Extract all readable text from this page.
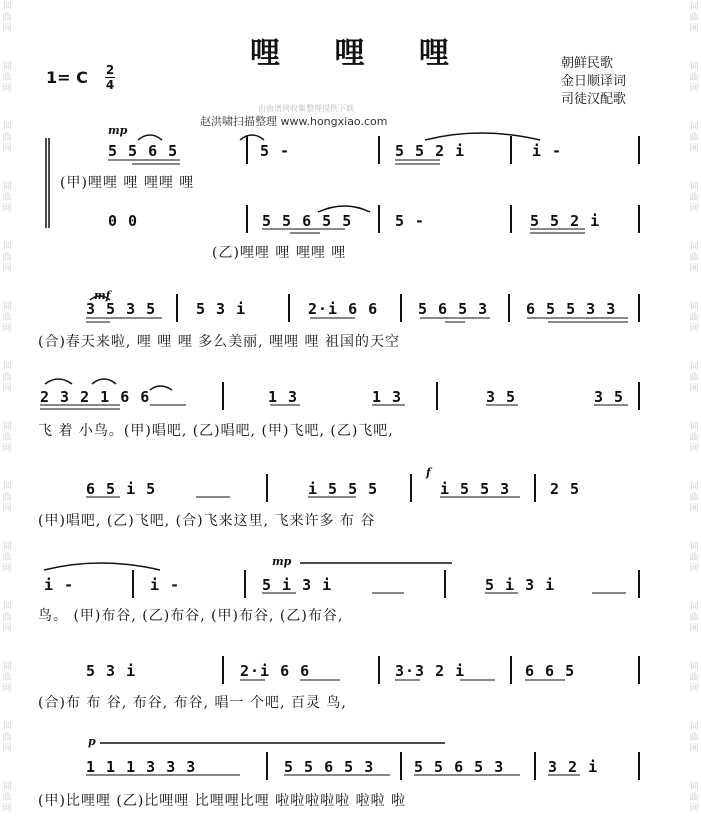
词曲网
词曲网
词曲网
词曲网
词曲网
词曲网
词曲网
词曲网
词曲网
词曲网
词曲网
词曲网
词曲网
词曲网
词曲网
词曲网
词曲网
词曲网
词曲网
词曲网
词曲网
词曲网
词曲网
词曲网
词曲网
词曲网
词曲网
词曲网
哩 哩 哩	朝鲜民歌
金日顺译词
司徒汉配歌
1= C 2
4
由曲谱网收集整理提供下载
赵洪啸扫描整理 www.hongxiao.com
mp
mf
f
mp
p
5 5 6 5	5 -	5 5 2 i	i -
(甲)哩哩 哩 哩哩 哩
0 0	5 5 6 5 5	5 -	5 5 2 i
(乙)哩哩 哩 哩哩 哩
3 5 3 5	5 3 i	2·i 6 6	5 6 5 3	6 5 5 3 3
(合)春天来啦, 哩 哩 哩 多么美丽, 哩哩 哩 祖国的天空
2 3 2 1 6 6	1 3	1 3	3 5	3 5
飞 着 小鸟。(甲)唱吧, (乙)唱吧, (甲)飞吧, (乙)飞吧,
6 5 i 5	i 5 5 5	i 5 5 3	2 5
(甲)唱吧, (乙)飞吧, (合)飞来这里, 飞来许多 布 谷
i -	i -	5 i 3 i	5 i 3 i
鸟。 (甲)布谷, (乙)布谷, (甲)布谷, (乙)布谷,
5 3 i	2·i 6 6	3·3 2 i	6 6 5
(合)布 布 谷, 布谷, 布谷, 唱一 个吧, 百灵 鸟,
1 1 1 3 3 3	5 5 6 5 3	5 5 6 5 3	3 2 i
(甲)比哩哩 (乙)比哩哩 比哩哩比哩 啦啦啦啦啦 啦啦 啦
